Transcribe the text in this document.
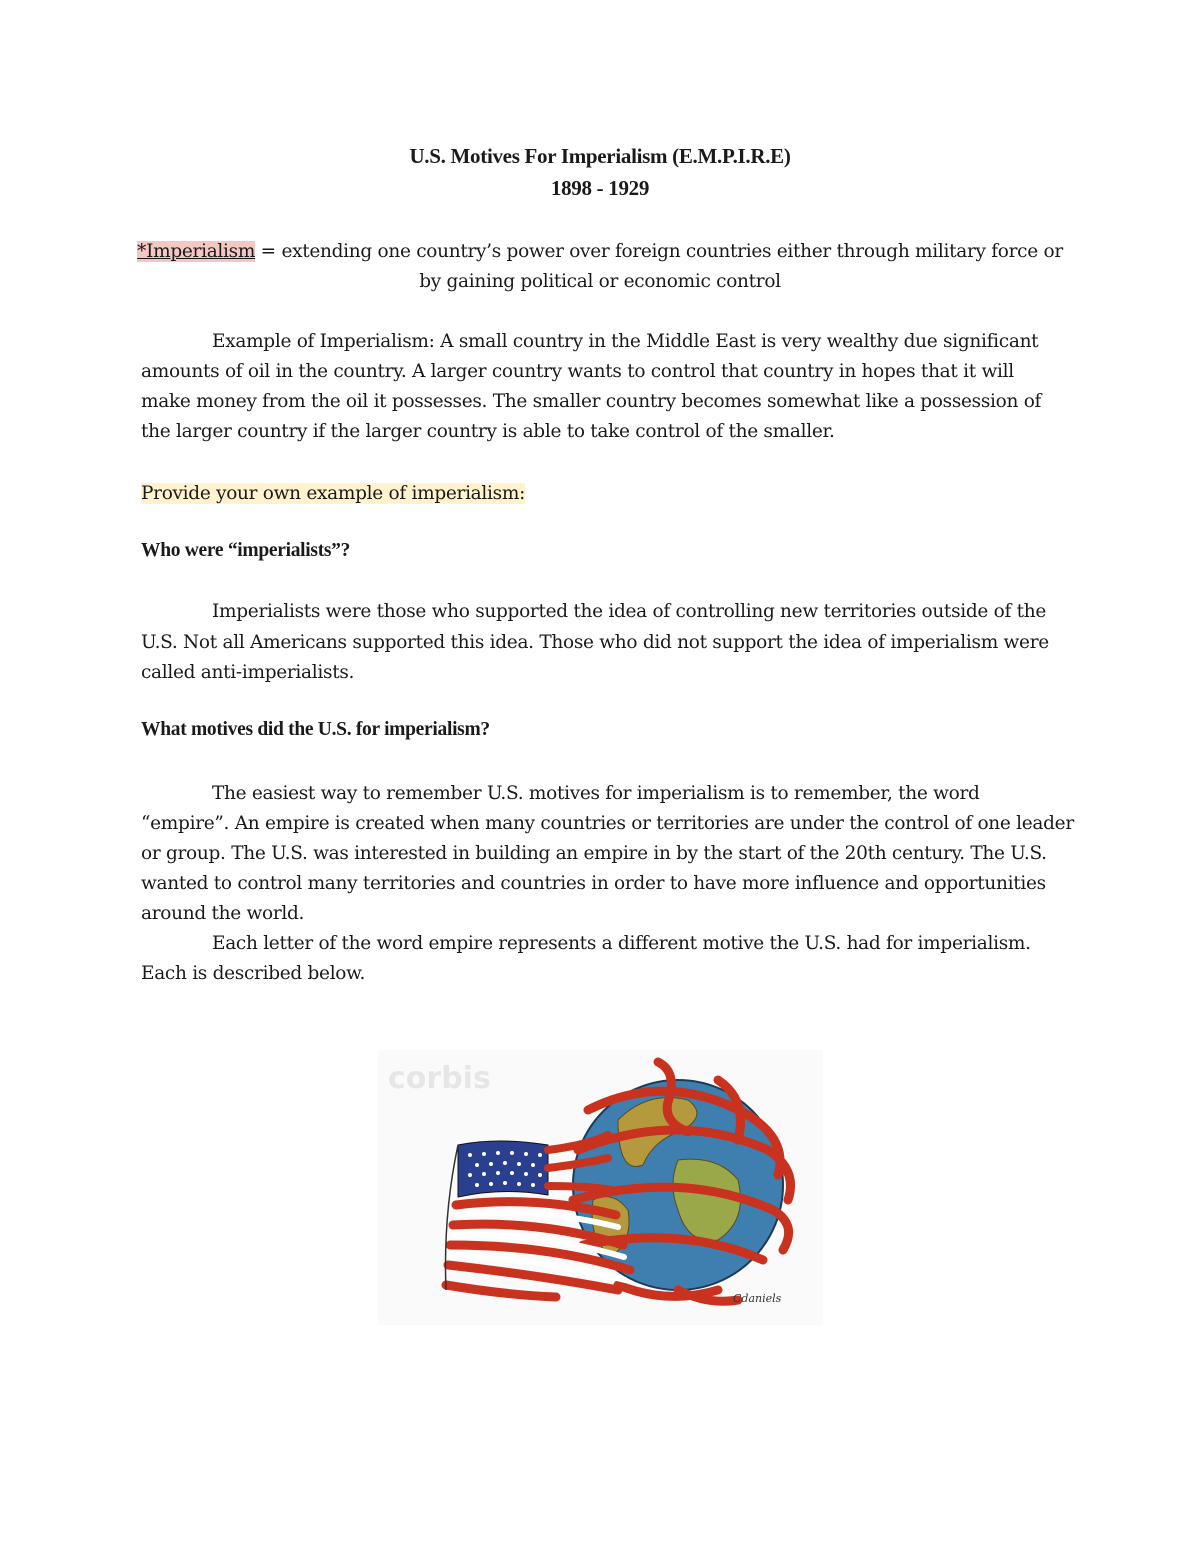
U.S. Motives For Imperialism (E.M.P.I.R.E)
1898 - 1929
*Imperialism = extending one country’s power over foreign countries either through military force or
by gaining political or economic control
Example of Imperialism: A small country in the Middle East is very wealthy due significant
amounts of oil in the country. A larger country wants to control that country in hopes that it will
make money from the oil it possesses. The smaller country becomes somewhat like a possession of
the larger country if the larger country is able to take control of the smaller.
Provide your own example of imperialism:
Who were “imperialists”?
Imperialists were those who supported the idea of controlling new territories outside of the
U.S. Not all Americans supported this idea. Those who did not support the idea of imperialism were
called anti-imperialists.
What motives did the U.S. for imperialism?
The easiest way to remember U.S. motives for imperialism is to remember, the word
“empire”. An empire is created when many countries or territories are under the control of one leader
or group. The U.S. was interested in building an empire in by the start of the 20th century. The U.S.
wanted to control many territories and countries in order to have more influence and opportunities
around the world.
Each letter of the word empire represents a different motive the U.S. had for imperialism.
Each is described below.
corbis
Cdaniels
